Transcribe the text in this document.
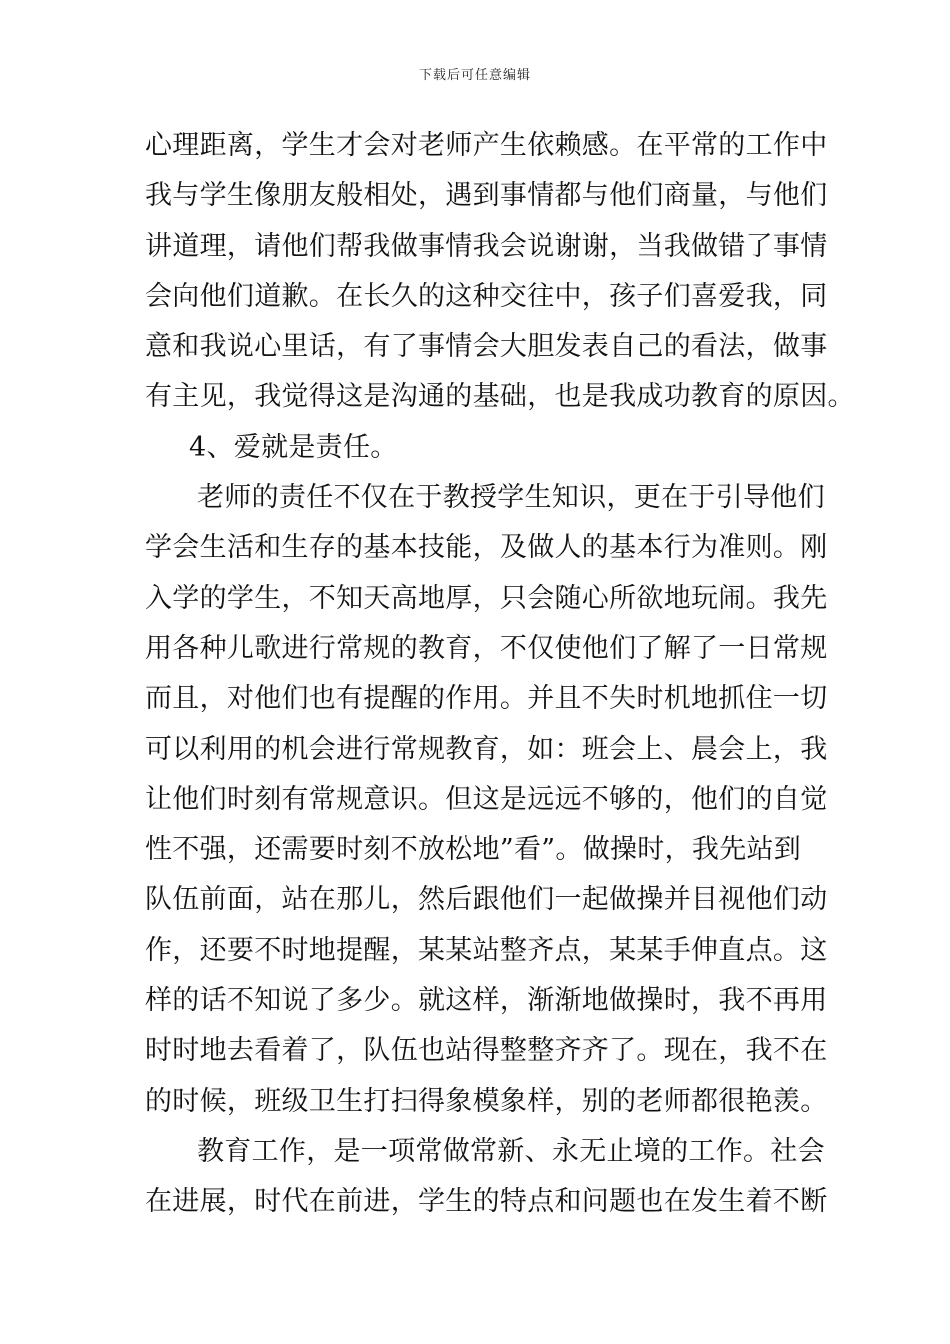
下载后可任意编辑
心理距离，学生才会对老师产生依赖感。在平常的工作中
我与学生像朋友般相处，遇到事情都与他们商量，与他们
讲道理，请他们帮我做事情我会说谢谢，当我做错了事情
会向他们道歉。在长久的这种交往中，孩子们喜爱我，同
意和我说心里话，有了事情会大胆发表自己的看法，做事
有主见，我觉得这是沟通的基础，也是我成功教育的原因。
4、爱就是责任。
老师的责任不仅在于教授学生知识，更在于引导他们
学会生活和生存的基本技能，及做人的基本行为准则。刚
入学的学生，不知天高地厚，只会随心所欲地玩闹。我先
用各种儿歌进行常规的教育，不仅使他们了解了一日常规
而且，对他们也有提醒的作用。并且不失时机地抓住一切
可以利用的机会进行常规教育，如：班会上、晨会上，我
让他们时刻有常规意识。但这是远远不够的，他们的自觉
性不强，还需要时刻不放松地”看”。做操时，我先站到
队伍前面，站在那儿，然后跟他们一起做操并目视他们动
作，还要不时地提醒，某某站整齐点，某某手伸直点。这
样的话不知说了多少。就这样，渐渐地做操时，我不再用
时时地去看着了，队伍也站得整整齐齐了。现在，我不在
的时候，班级卫生打扫得象模象样，别的老师都很艳羡。
教育工作，是一项常做常新、永无止境的工作。社会
在进展，时代在前进，学生的特点和问题也在发生着不断
